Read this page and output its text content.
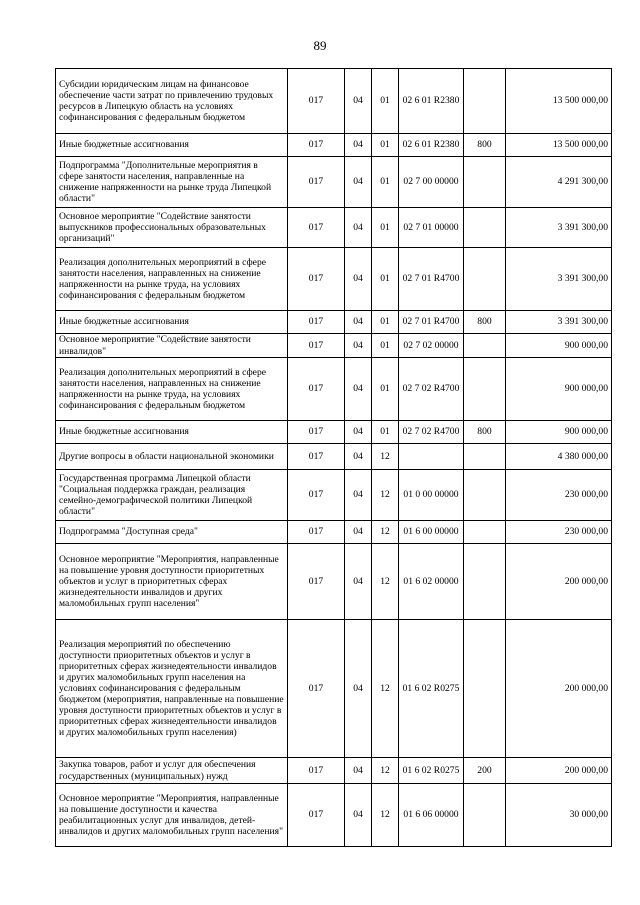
89
Субсидии юридическим лицам на финансовое обеспечение части затрат по привлечению трудовых ресурсов в Липецкую область на условиях софинансирования с федеральным бюджетом	017	04	01	02 6 01 R2380		13 500 000,00
Иные бюджетные ассигнования	017	04	01	02 6 01 R2380	800	13 500 000,00
Подпрограмма "Дополнительные мероприятия в сфере занятости населения, направленные на снижение напряженности на рынке труда Липецкой области"	017	04	01	02 7 00 00000		4 291 300,00
Основное мероприятие "Содействие занятости выпускников профессиональных образовательных организаций"	017	04	01	02 7 01 00000		3 391 300,00
Реализация дополнительных мероприятий в сфере занятости населения, направленных на снижение напряженности на рынке труда, на условиях софинансирования с федеральным бюджетом	017	04	01	02 7 01 R4700		3 391 300,00
Иные бюджетные ассигнования	017	04	01	02 7 01 R4700	800	3 391 300,00
Основное мероприятие "Содействие занятости инвалидов"	017	04	01	02 7 02 00000		900 000,00
Реализация дополнительных мероприятий в сфере занятости населения, направленных на снижение напряженности на рынке труда, на условиях софинансирования с федеральным бюджетом	017	04	01	02 7 02 R4700		900 000,00
Иные бюджетные ассигнования	017	04	01	02 7 02 R4700	800	900 000,00
Другие вопросы в области национальной экономики	017	04	12			4 380 000,00
Государственная программа Липецкой области "Социальная поддержка граждан, реализация семейно-демографической политики Липецкой области"	017	04	12	01 0 00 00000		230 000,00
Подпрограмма "Доступная среда"	017	04	12	01 6 00 00000		230 000,00
Основное мероприятие "Мероприятия, направленные на повышение уровня доступности приоритетных объектов и услуг в приоритетных сферах жизнедеятельности инвалидов и других маломобильных групп населения"	017	04	12	01 6 02 00000		200 000,00
Реализация мероприятий по обеспечению доступности приоритетных объектов и услуг в приоритетных сферах жизнедеятельности инвалидов и других маломобильных групп населения на условиях софинансирования с федеральным бюджетом (мероприятия, направленные на повышение уровня доступности приоритетных объектов и услуг в приоритетных сферах жизнедеятельности инвалидов и других маломобильных групп населения)	017	04	12	01 6 02 R0275		200 000,00
Закупка товаров, работ и услуг для обеспечения государственных (муниципальных) нужд	017	04	12	01 6 02 R0275	200	200 000,00
Основное мероприятие "Мероприятия, направленные на повышение доступности и качества реабилитационных услуг для инвалидов, детей-инвалидов и других маломобильных групп населения"	017	04	12	01 6 06 00000		30 000,00
